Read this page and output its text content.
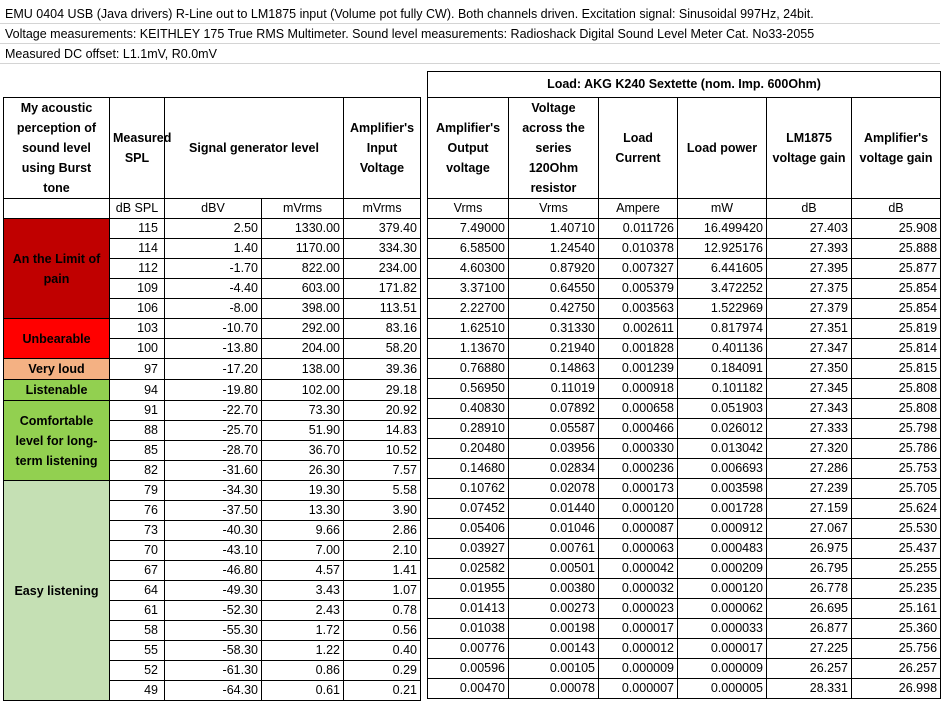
EMU 0404 USB (Java drivers) R-Line out to LM1875 input (Volume pot fully CW). Both channels driven. Excitation signal: Sinusoidal 997Hz, 24bit.
Voltage measurements: KEITHLEY 175 True RMS Multimeter. Sound level measurements: Radioshack Digital Sound Level Meter Cat. No33-2055
Measured DC offset: L1.1mV, R0.0mV
My acoustic perception of sound level using Burst tone	Measured SPL	Signal generator level		Amplifier's Input Voltage
	dB SPL	dBV	mVrms	mVrms
An the Limit of pain	115	2.50	1330.00	379.40
	114	1.40	1170.00	334.30
	112	-1.70	822.00	234.00
	109	-4.40	603.00	171.82
	106	-8.00	398.00	113.51
Unbearable	103	-10.70	292.00	83.16
	100	-13.80	204.00	58.20
Very loud	97	-17.20	138.00	39.36
Listenable	94	-19.80	102.00	29.18
Comfortable level for long-term listening	91	-22.70	73.30	20.92
	88	-25.70	51.90	14.83
	85	-28.70	36.70	10.52
	82	-31.60	26.30	7.57
Easy listening	79	-34.30	19.30	5.58
	76	-37.50	13.30	3.90
	73	-40.30	9.66	2.86
	70	-43.10	7.00	2.10
	67	-46.80	4.57	1.41
	64	-49.30	3.43	1.07
	61	-52.30	2.43	0.78
	58	-55.30	1.72	0.56
	55	-58.30	1.22	0.40
	52	-61.30	0.86	0.29
	49	-64.30	0.61	0.21
Load: AKG K240 Sextette (nom. Imp. 600Ohm)					
Amplifier's Output voltage	Voltage across the series 120Ohm resistor	Load Current	Load power	LM1875 voltage gain	Amplifier's voltage gain
Vrms	Vrms	Ampere	mW	dB	dB
7.49000	1.40710	0.011726	16.499420	27.403	25.908
6.58500	1.24540	0.010378	12.925176	27.393	25.888
4.60300	0.87920	0.007327	6.441605	27.395	25.877
3.37100	0.64550	0.005379	3.472252	27.375	25.854
2.22700	0.42750	0.003563	1.522969	27.379	25.854
1.62510	0.31330	0.002611	0.817974	27.351	25.819
1.13670	0.21940	0.001828	0.401136	27.347	25.814
0.76880	0.14863	0.001239	0.184091	27.350	25.815
0.56950	0.11019	0.000918	0.101182	27.345	25.808
0.40830	0.07892	0.000658	0.051903	27.343	25.808
0.28910	0.05587	0.000466	0.026012	27.333	25.798
0.20480	0.03956	0.000330	0.013042	27.320	25.786
0.14680	0.02834	0.000236	0.006693	27.286	25.753
0.10762	0.02078	0.000173	0.003598	27.239	25.705
0.07452	0.01440	0.000120	0.001728	27.159	25.624
0.05406	0.01046	0.000087	0.000912	27.067	25.530
0.03927	0.00761	0.000063	0.000483	26.975	25.437
0.02582	0.00501	0.000042	0.000209	26.795	25.255
0.01955	0.00380	0.000032	0.000120	26.778	25.235
0.01413	0.00273	0.000023	0.000062	26.695	25.161
0.01038	0.00198	0.000017	0.000033	26.877	25.360
0.00776	0.00143	0.000012	0.000017	27.225	25.756
0.00596	0.00105	0.000009	0.000009	26.257	26.257
0.00470	0.00078	0.000007	0.000005	28.331	26.998
